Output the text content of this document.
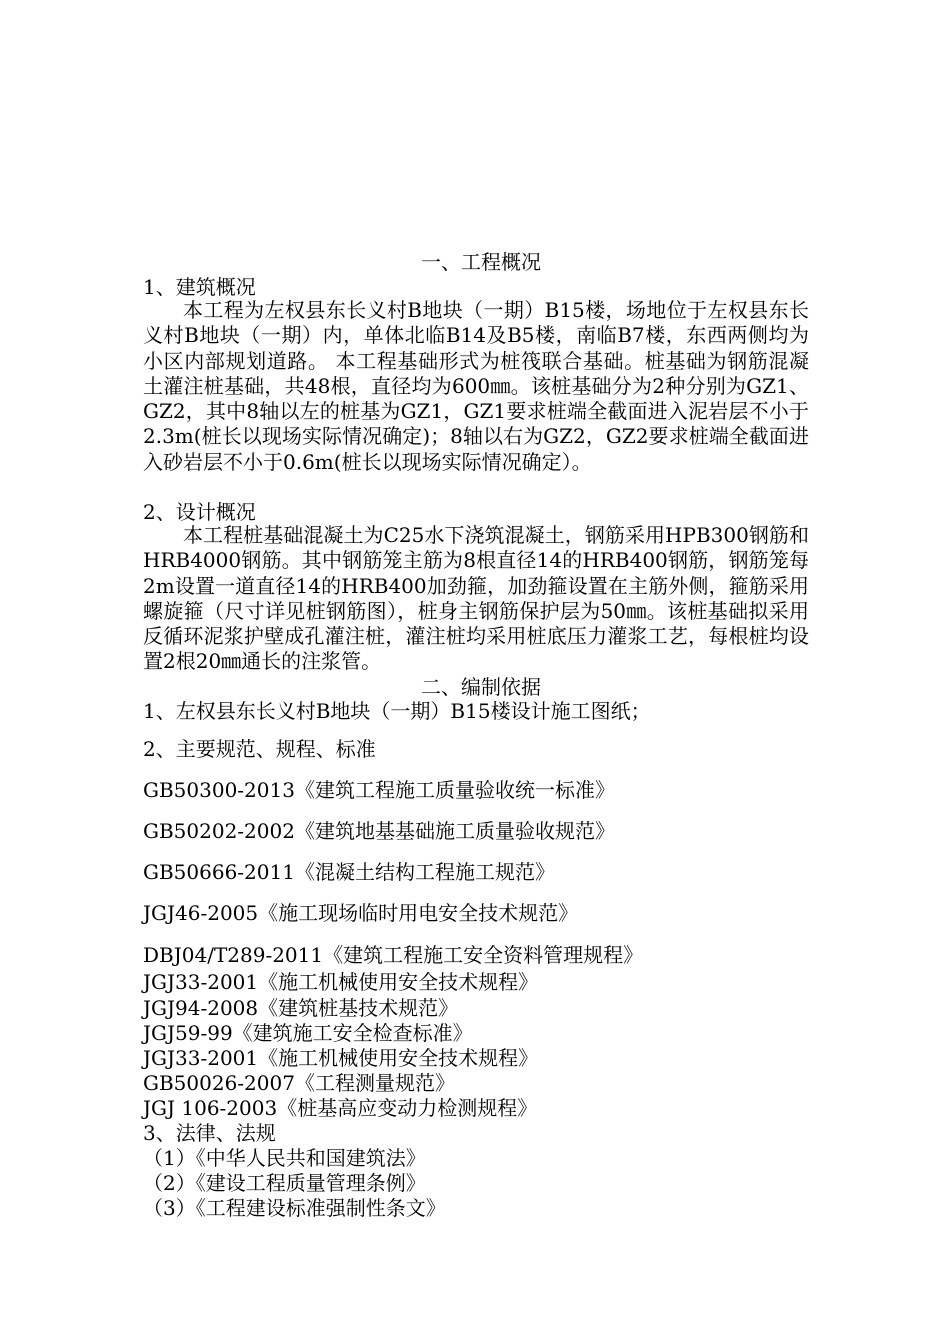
一、工程概况
1、建筑概况
本工程为左权县东长义村B地块（一期）B15楼，场地位于左权县东长义村B地块（一期）内，单体北临B14及B5楼，南临B7楼，东西两侧均为小区内部规划道路。 本工程基础形式为桩筏联合基础。桩基础为钢筋混凝土灌注桩基础，共48根，直径均为600㎜。该桩基础分为2种分别为GZ1、GZ2，其中8轴以左的桩基为GZ1，GZ1要求桩端全截面进入泥岩层不小于2.3m(桩长以现场实际情况确定)；8轴以右为GZ2，GZ2要求桩端全截面进入砂岩层不小于0.6m(桩长以现场实际情况确定）。
2、设计概况
本工程桩基础混凝土为C25水下浇筑混凝土，钢筋采用HPB300钢筋和HRB4000钢筋。其中钢筋笼主筋为8根直径14的HRB400钢筋，钢筋笼每2m设置一道直径14的HRB400加劲箍，加劲箍设置在主筋外侧，箍筋采用螺旋箍（尺寸详见桩钢筋图），桩身主钢筋保护层为50㎜。该桩基础拟采用反循环泥浆护壁成孔灌注桩，灌注桩均采用桩底压力灌浆工艺，每根桩均设置2根20㎜通长的注浆管。
二、编制依据
1、左权县东长义村B地块（一期）B15楼设计施工图纸；
2、主要规范、规程、标准
GB50300-2013《建筑工程施工质量验收统一标准》
GB50202-2002《建筑地基基础施工质量验收规范》
GB50666-2011《混凝土结构工程施工规范》
JGJ46-2005《施工现场临时用电安全技术规范》
DBJ04/T289-2011《建筑工程施工安全资料管理规程》
JGJ33-2001《施工机械使用安全技术规程》
JGJ94-2008《建筑桩基技术规范》
JGJ59-99《建筑施工安全检查标准》
JGJ33-2001《施工机械使用安全技术规程》
GB50026-2007《工程测量规范》
JGJ 106-2003《桩基高应变动力检测规程》
3、法律、法规
（1）《中华人民共和国建筑法》
（2）《建设工程质量管理条例》
（3）《工程建设标准强制性条文》
